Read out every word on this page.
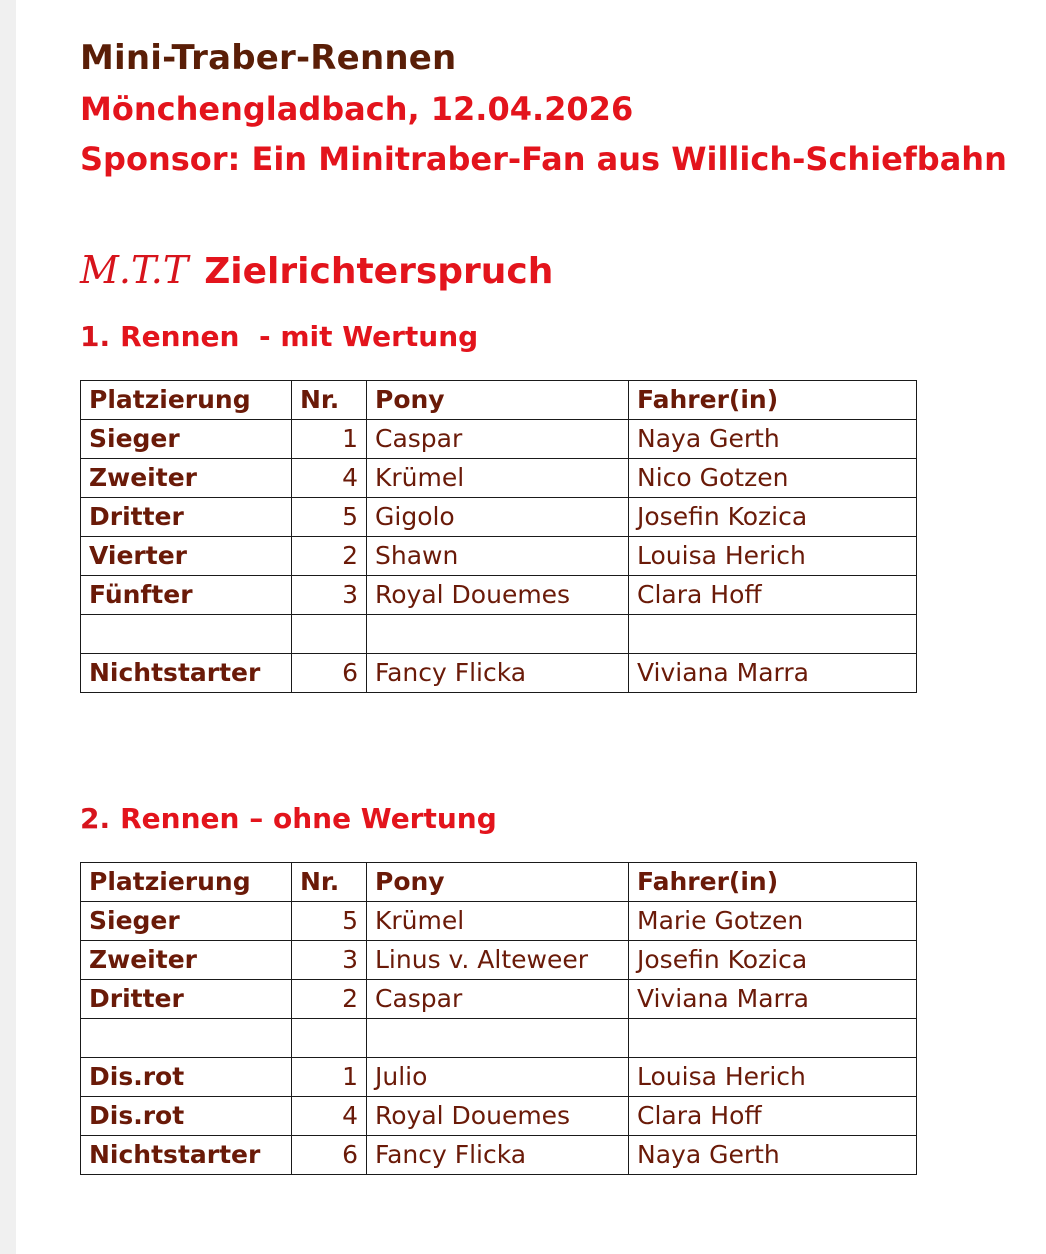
Mini-Traber-Rennen
Mönchengladbach, 12.04.2026
Sponsor: Ein Minitraber-Fan aus Willich-Schiefbahn
M.T.T Zielrichterspruch
1. Rennen  - mit Wertung
Platzierung	Nr.	Pony	Fahrer(in)
Sieger	1	Caspar	Naya Gerth
Zweiter	4	Krümel	Nico Gotzen
Dritter	5	Gigolo	Josefin Kozica
Vierter	2	Shawn	Louisa Herich
Fünfter	3	Royal Douemes	Clara Hoff

Nichtstarter	6	Fancy Flicka	Viviana Marra
2. Rennen – ohne Wertung
Platzierung	Nr.	Pony	Fahrer(in)
Sieger	5	Krümel	Marie Gotzen
Zweiter	3	Linus v. Alteweer	Josefin Kozica
Dritter	2	Caspar	Viviana Marra

Dis.rot	1	Julio	Louisa Herich
Dis.rot	4	Royal Douemes	Clara Hoff
Nichtstarter	6	Fancy Flicka	Naya Gerth
